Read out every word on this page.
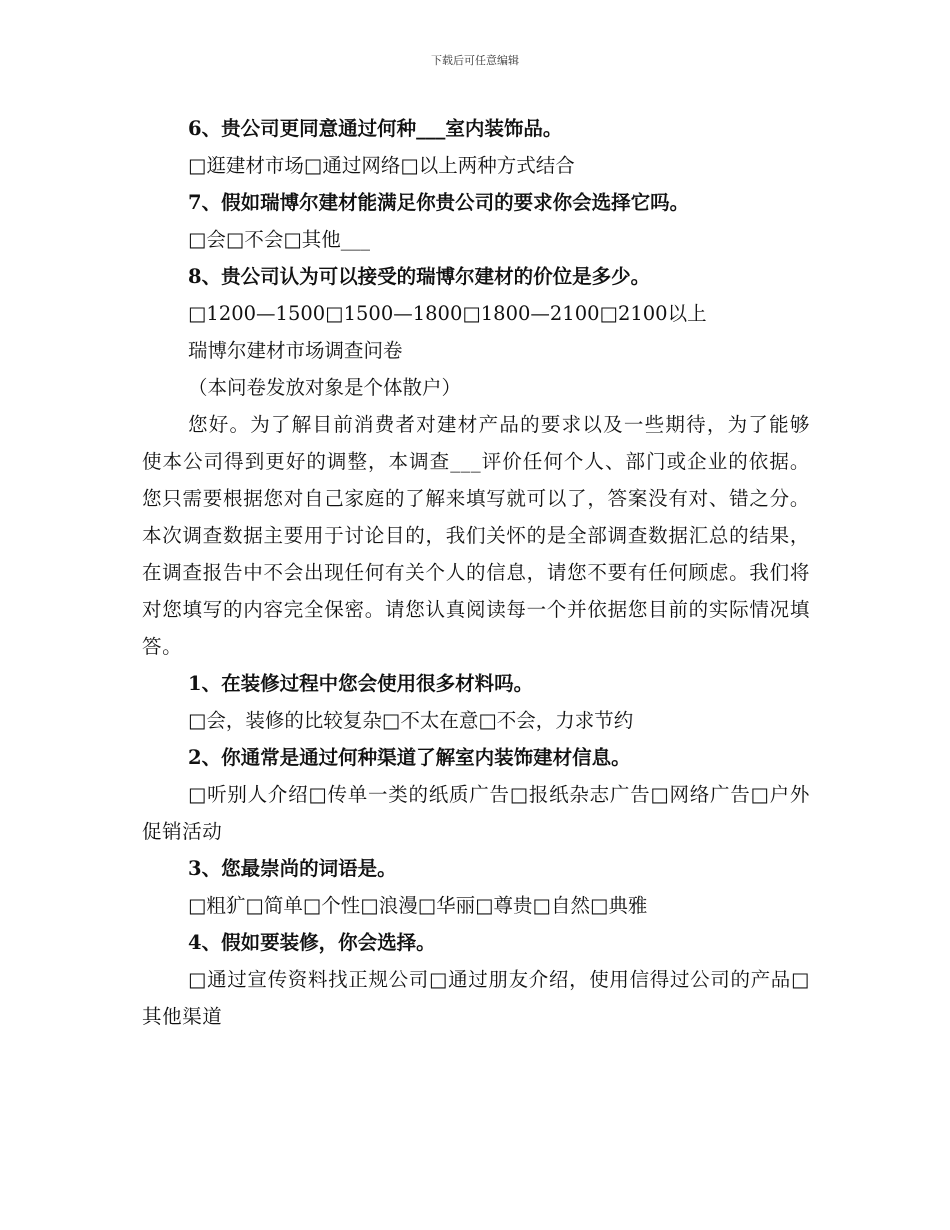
下载后可任意编辑

6、贵公司更同意通过何种___室内装饰品。

□逛建材市场□通过网络□以上两种方式结合

7、假如瑞博尔建材能满足你贵公司的要求你会选择它吗。

□会□不会□其他___

8、贵公司认为可以接受的瑞博尔建材的价位是多少。

□1200—1500□1500—1800□1800—2100□2100以上

瑞博尔建材市场调查问卷

（本问卷发放对象是个体散户）

您好。为了解目前消费者对建材产品的要求以及一些期待，为了能够使本公司得到更好的调整，本调查___评价任何个人、部门或企业的依据。您只需要根据您对自己家庭的了解来填写就可以了，答案没有对、错之分。本次调查数据主要用于讨论目的，我们关怀的是全部调查数据汇总的结果，在调查报告中不会出现任何有关个人的信息，请您不要有任何顾虑。我们将对您填写的内容完全保密。请您认真阅读每一个并依据您目前的实际情况填答。

1、在装修过程中您会使用很多材料吗。

□会，装修的比较复杂□不太在意□不会，力求节约

2、你通常是通过何种渠道了解室内装饰建材信息。

□听别人介绍□传单一类的纸质广告□报纸杂志广告□网络广告□户外促销活动

3、您最崇尚的词语是。

□粗犷□简单□个性□浪漫□华丽□尊贵□自然□典雅

4、假如要装修，你会选择。

□通过宣传资料找正规公司□通过朋友介绍，使用信得过公司的产品□其他渠道
